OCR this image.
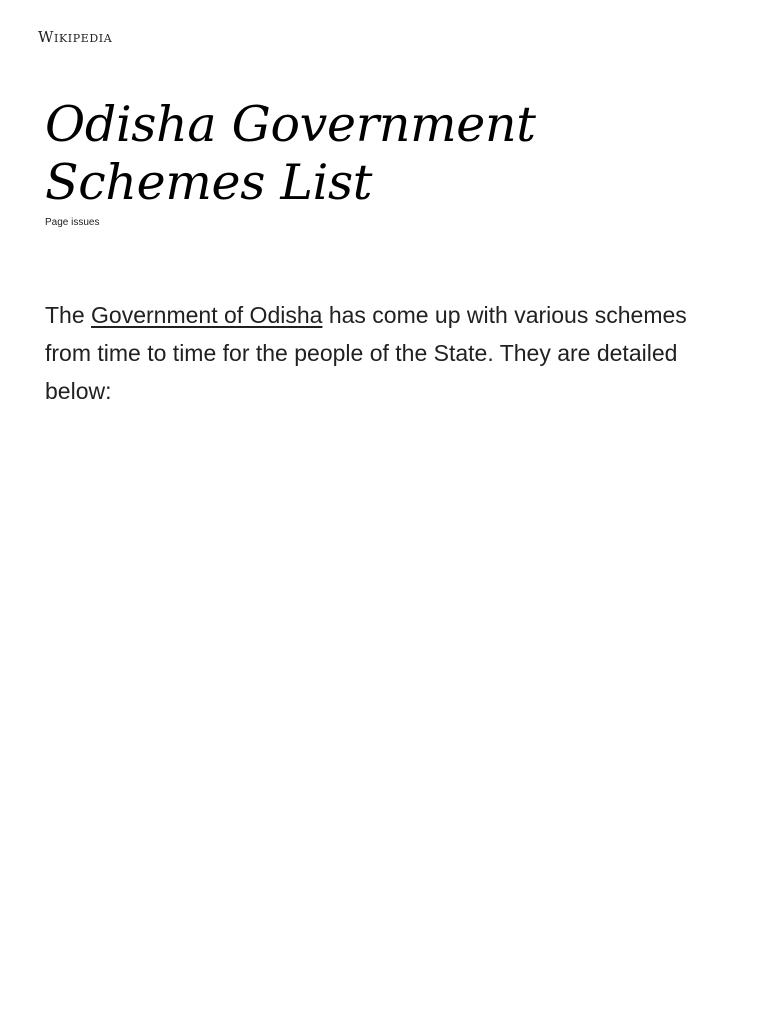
Wikipedia
Odisha Government Schemes List
Page issues

The Government of Odisha has come up with various schemes from time to time for the people of the State. They are detailed below:
